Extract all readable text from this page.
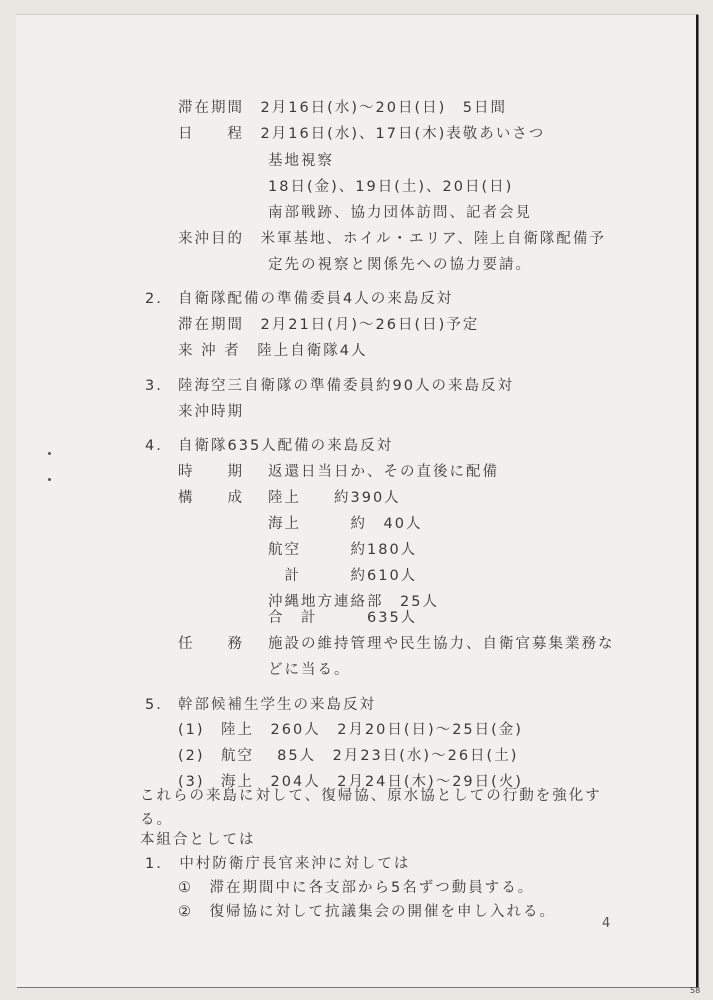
滞在期間　2月16日(水)～20日(日)　5日間
日　　程　2月16日(水)、17日(木)表敬あいさつ
基地視察
18日(金)、19日(土)、20日(日)
南部戦跡、協力団体訪問、記者会見
来沖目的　米軍基地、ホイル・エリア、陸上自衛隊配備予
定先の視察と関係先への協力要請。
2. 自衛隊配備の準備委員4人の来島反対
滞在期間　2月21日(月)～26日(日)予定
来 沖 者　陸上自衛隊4人
3. 陸海空三自衛隊の準備委員約90人の来島反対
来沖時期
4. 自衛隊635人配備の来島反対
時　　期 返還日当日か、その直後に配備
構　　成 陸上　　約390人
海上　　　約　40人
航空　　　約180人
　計　　　約610人
沖縄地方連絡部　25人
合　計　　　635人
任　　務 施設の維持管理や民生協力、自衛官募集業務な
どに当る。
5. 幹部候補生学生の来島反対
(1)　陸上　260人　2月20日(日)～25日(金)
(2)　航空　 85人　2月23日(水)～26日(土)
(3)　海上　204人　2月24日(木)～29日(火)
これらの来島に対して、復帰協、原水協としての行動を強化す
る。
本組合としては
1.　中村防衛庁長官来沖に対しては
①　滞在期間中に各支部から5名ずつ動員する。
②　復帰協に対して抗議集会の開催を申し入れる。
4
58
